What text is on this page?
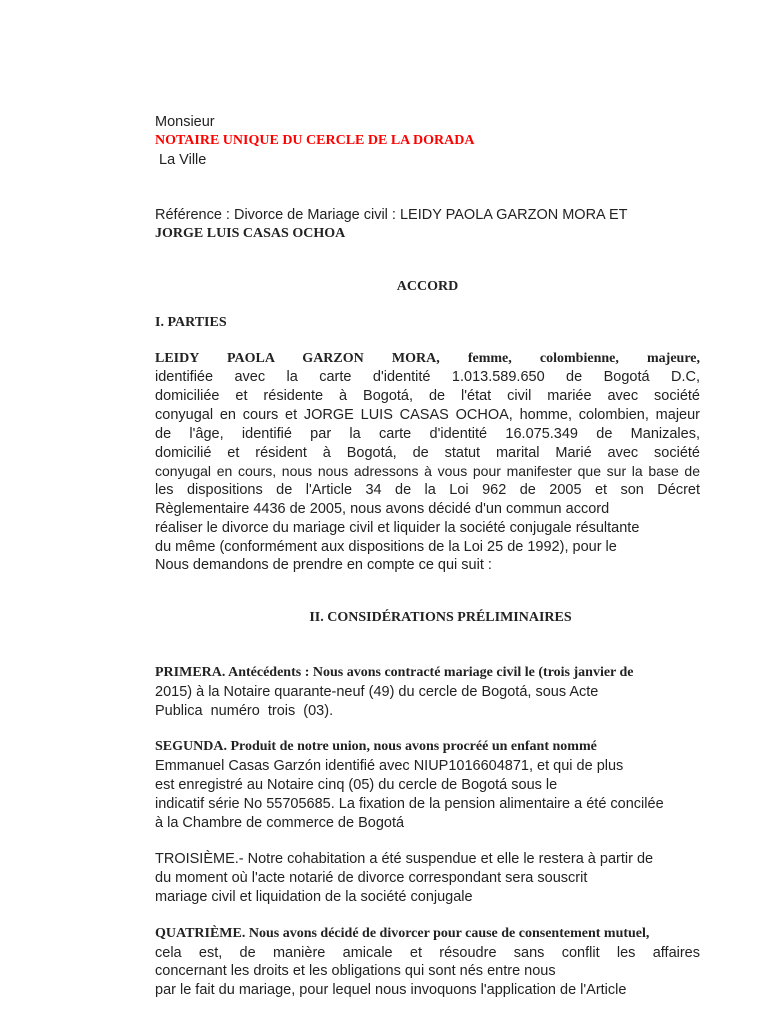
Monsieur
NOTAIRE UNIQUE DU CERCLE DE LA DORADA
La Ville
Référence : Divorce de Mariage civil : LEIDY PAOLA GARZON MORA ET
JORGE LUIS CASAS OCHOA
ACCORD
I. PARTIES
LEIDY PAOLA GARZON MORA, femme, colombienne, majeure,
identifiée avec la carte d'identité 1.013.589.650 de Bogotá D.C,
domiciliée et résidente à Bogotá, de l'état civil mariée avec société
conyugal en cours et JORGE LUIS CASAS OCHOA, homme, colombien, majeur
de l'âge, identifié par la carte d'identité 16.075.349 de Manizales,
domicilié et résident à Bogotá, de statut marital Marié avec société
conyugal en cours, nous nous adressons à vous pour manifester que sur la base de
les dispositions de l'Article 34 de la Loi 962 de 2005 et son Décret
Règlementaire 4436 de 2005, nous avons décidé d'un commun accord
réaliser le divorce du mariage civil et liquider la société conjugale résultante
du même (conformément aux dispositions de la Loi 25 de 1992), pour le
Nous demandons de prendre en compte ce qui suit :
II. CONSIDÉRATIONS PRÉLIMINAIRES
PRIMERA. Antécédents : Nous avons contracté mariage civil le (trois janvier de
2015) à la Notaire quarante-neuf (49) du cercle de Bogotá, sous Acte
Publica  numéro  trois  (03).
SEGUNDA. Produit de notre union, nous avons procréé un enfant nommé
Emmanuel Casas Garzón identifié avec NIUP1016604871, et qui de plus
est enregistré au Notaire cinq (05) du cercle de Bogotá sous le
indicatif série No 55705685. La fixation de la pension alimentaire a été concilée
à la Chambre de commerce de Bogotá
TROISIÈME.- Notre cohabitation a été suspendue et elle le restera à partir de
du moment où l'acte notarié de divorce correspondant sera souscrit
mariage civil et liquidation de la société conjugale
QUATRIÈME. Nous avons décidé de divorcer pour cause de consentement mutuel,
cela est, de manière amicale et résoudre sans conflit les affaires
concernant les droits et les obligations qui sont nés entre nous
par le fait du mariage, pour lequel nous invoquons l'application de l'Article
